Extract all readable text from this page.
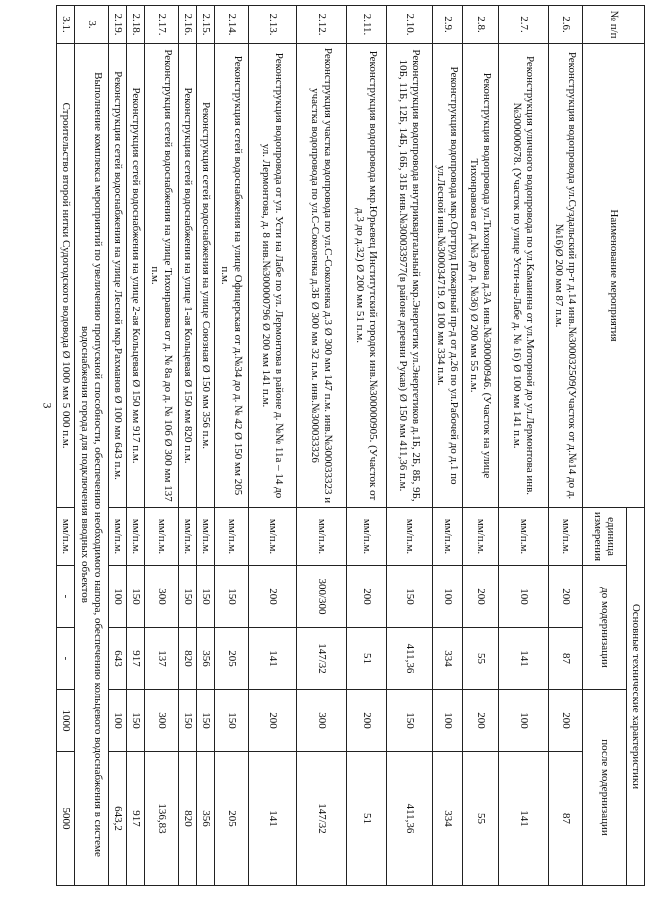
3
№ п/п	Наименование мероприятия	Основные технические характеристики				
		единица измерения	до модернизации		после модернизации	
2.6.	Реконструкция водопровода ул.Суздальский пр-т д.14 инв.№300032509(Участок от д.№14 до д.№16)Ø 200 мм 87 п.м.	мм/п.м.	200	87	200	87
2.7.	Реконструкция уличного водопровода по ул.Камаинна от ул.Моторной до ул.Лермонтова инв.№300000678. (Участок по улице Усти-на-Лабе д. № 16) Ø 100 мм 141 п.м.	мм/п.м.	100	141	100	141
2.8.	Реконструкция водопровода ул.Тихонравова д.3А инв.№300000946. (Участок на улице Тихонравова от д.№3 до д. №36) Ø 200 мм 55 п.м.	мм/п.м.	200	55	200	55
2.9.	Реконструкция водопровода мкр.Оргтруд Пожарный пр-д от д.26 по ул.Рабочей до д.1 по ул.Лесной инв.№300034719. Ø 100 мм 334 п.м.	мм/п.м.	100	334	100	334
2.10.	Реконструкция водопровода внутриквартальный мкр.Энергетик ул.Энергетиков д.1Б, 2Б, 8Б, 9Б, 10Б, 11Б, 12Б, 14Б, 16Б, 31Б инв.№300033977(в районе деревни Рукав) Ø 150 мм 411,36 п.м.	мм/п.м.	150	411,36	150	411,36
2.11.	Реконструкция водопровода мкр.Юрьевец Институтский городок инв.№300000905. (Участок от д.3 до д.32) Ø 200 мм 51 п.м.	мм/п.м.	200	51	200	51
2.12.	Реконструкция участка водопровода по ул.С-Соколенка д.3 Ø 300 мм 147 п.м. инв.№300033323 и участка водопровода по ул.С-Соколенка д.3Б Ø 300 мм 32 п.м. инв.№300033326	мм/п.м.	300/300	147/32	300	147/32
2.13.	Реконструкция водопровода от ул. Усти на Лабе по ул. Лермонтова в районе д. №№ 11а – 14 до ул. Лермонтова, д. 8 инв.№300000796 Ø 200 мм 141 п.м.	мм/п.м.	200	141	200	141
2.14.	Реконструкция сетей водоснабжения на улице Офицерская от д.№34 до д. № 42 Ø 150 мм 205 п.м.	мм/п.м.	150	205	150	205
2.15.	Реконструкция сетей водоснабжения на улице Союзная Ø 150 мм 356 п.м.	мм/п.м.	150	356	150	356
2.16.	Реконструкция сетей водоснабжения на улице 1-ая Кольцевая Ø 150 мм 820 п.м.	мм/п.м.	150	820	150	820
2.17.	Реконструкция сетей водоснабжения на улице Тихонравова от д. № 8а до д. № 10б Ø 300 мм 137 п.м.	мм/п.м.	300	137	300	136,83
2.18.	Реконструкция сетей водоснабжения на улице 2-ая Кольцевая Ø 150 мм 917 п.м.	мм/п.м.	150	917	150	917
2.19.	Реконструкция сетей водоснабжения на улице Лесной мкр.Рахманов Ø 100 мм 643 п.м.	мм/п.м.	100	643	100	643,2
3.	Выполнение комплекса мероприятий по увеличению пропускной способности, обеспечению необходимого напора, обеспечению кольцевого водоснабжения в системе водоснабжения города для подключения вводных объектов					
3.1.	Строительство второй нитки Судогодского водовода Ø 1000 мм 5 000 п.м.	мм/п.м.	-	-	1000	5000
